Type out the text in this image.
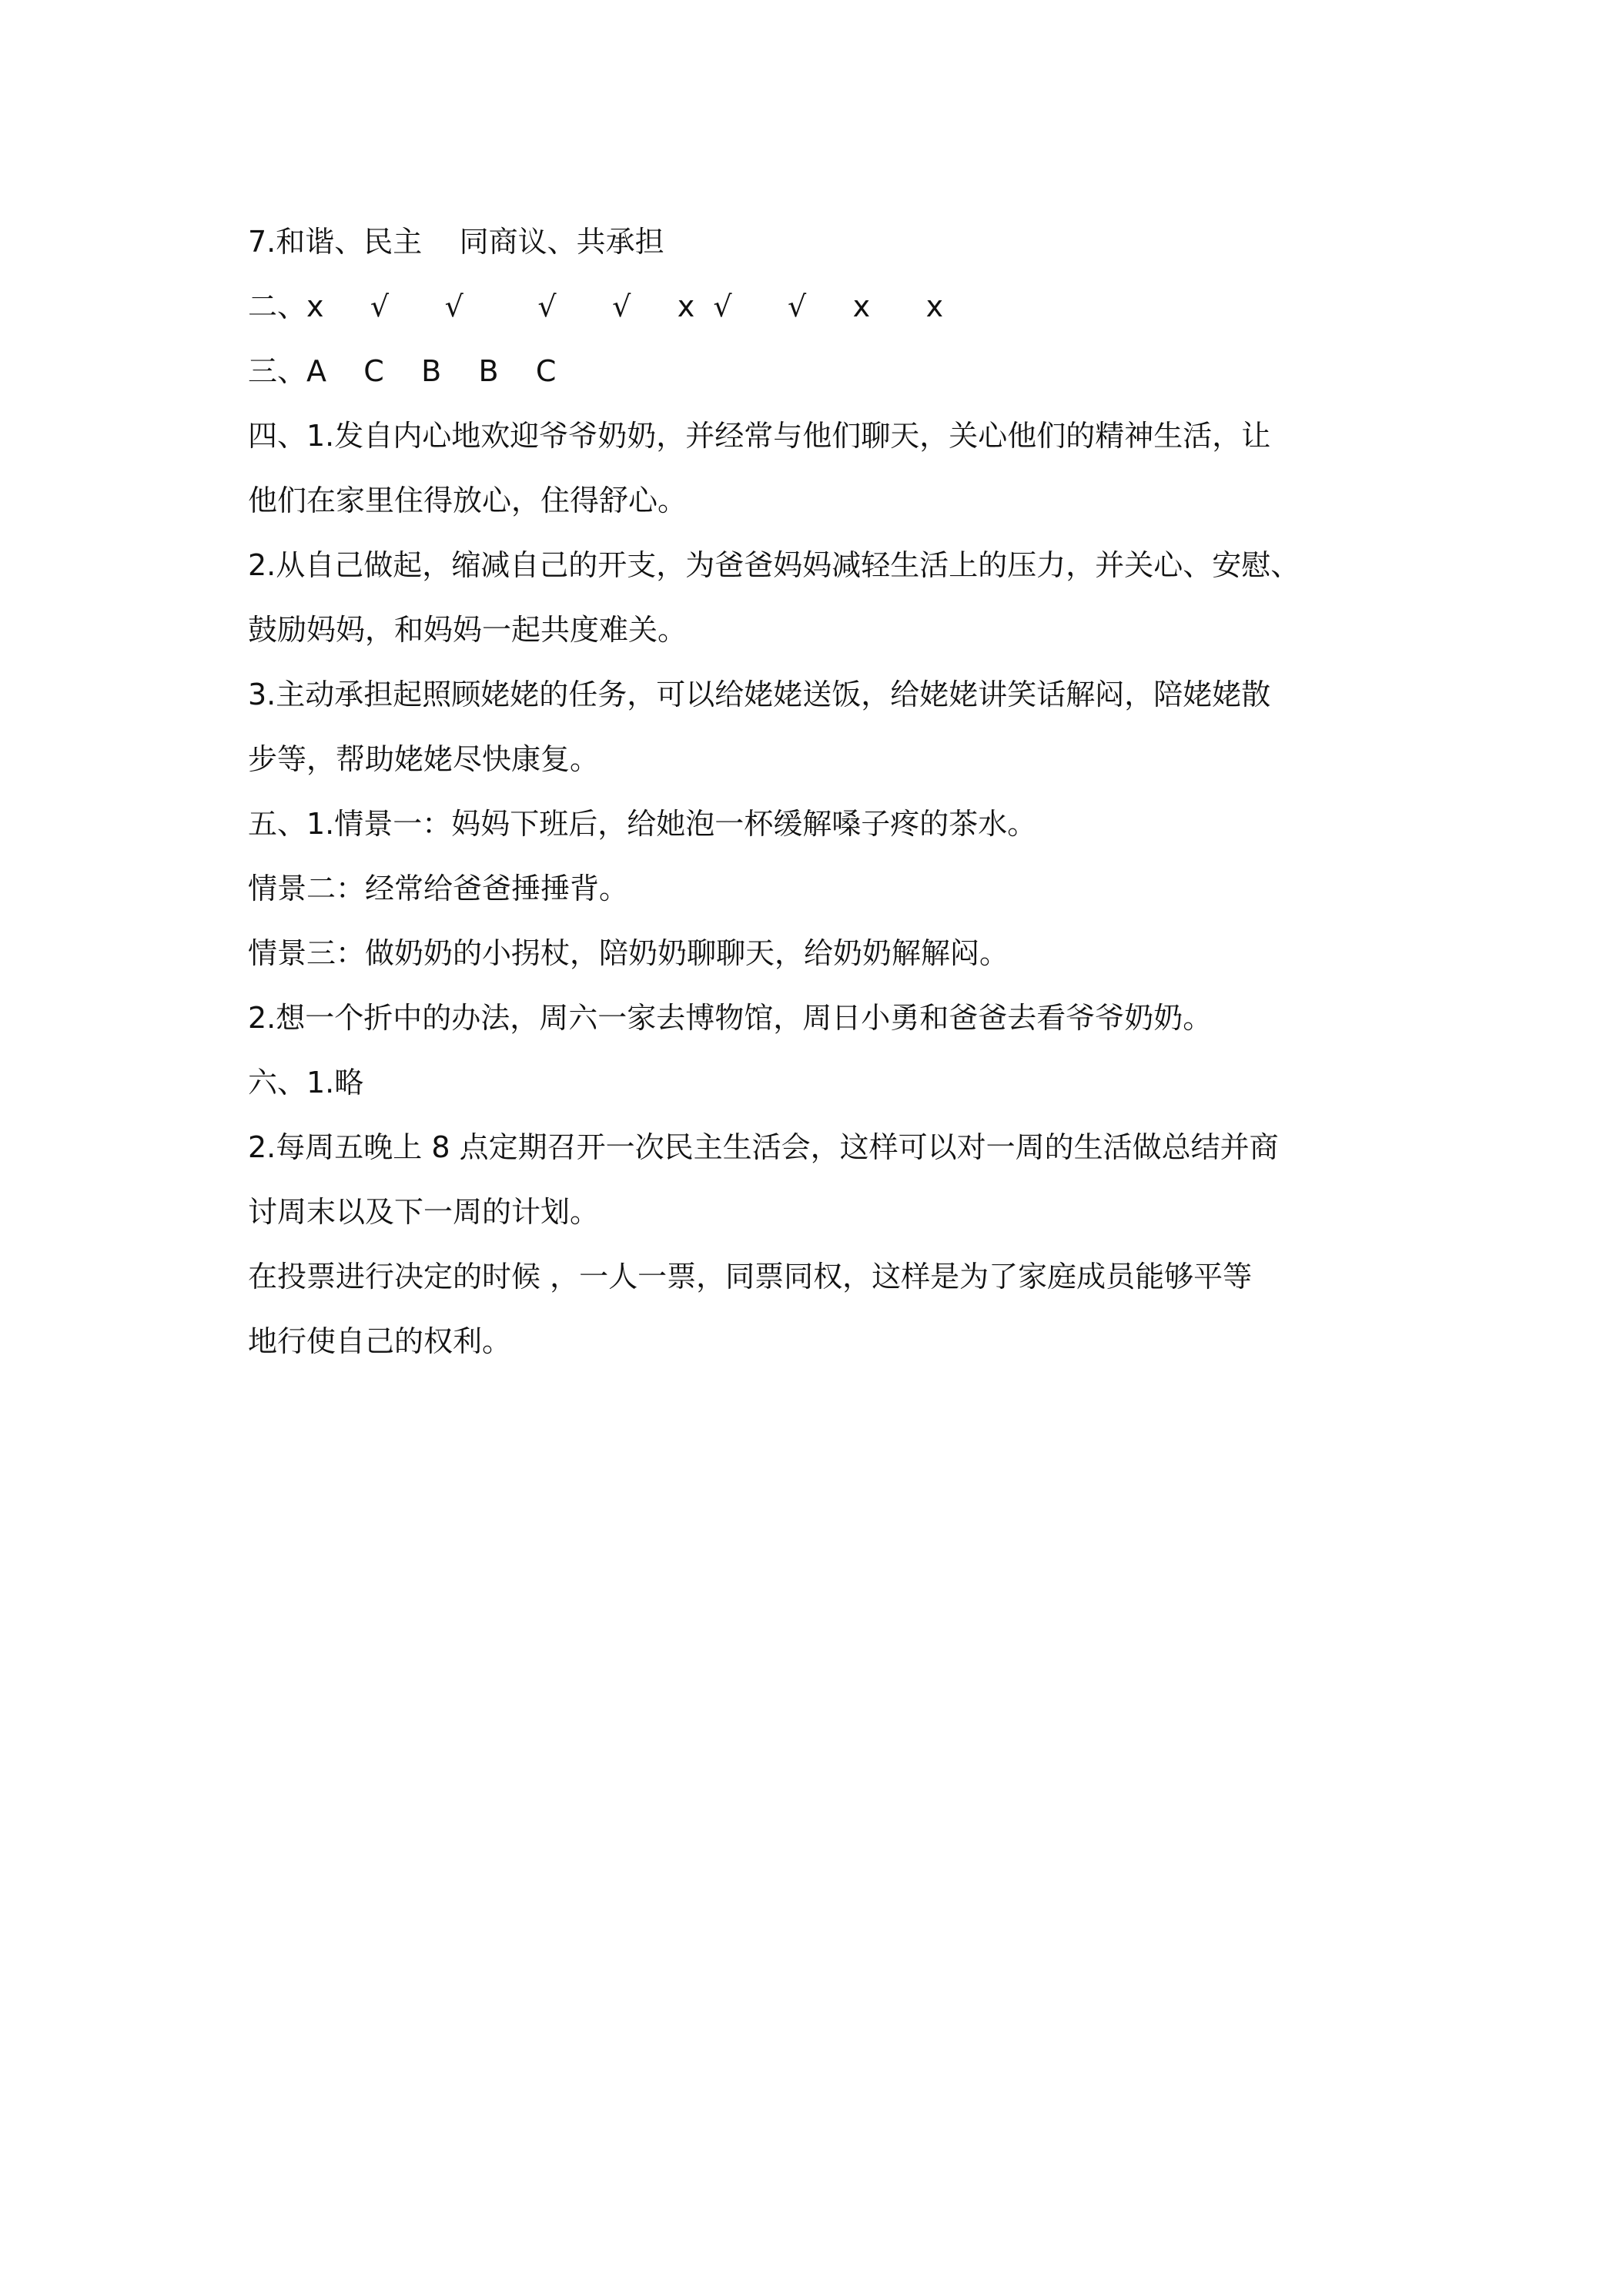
7.和谐、民主    同商议、共承担

二、x     √      √        √      √     x  √      √     x      x

三、A    C    B    B    C

四、1.发自内心地欢迎爷爷奶奶，并经常与他们聊天，关心他们的精神生活，让
他们在家里住得放心，住得舒心。
2.从自己做起，缩减自己的开支，为爸爸妈妈减轻生活上的压力，并关心、安慰、
鼓励妈妈，和妈妈一起共度难关。
3.主动承担起照顾姥姥的任务，可以给姥姥送饭，给姥姥讲笑话解闷，陪姥姥散
步等，帮助姥姥尽快康复。
五、1.情景一：妈妈下班后，给她泡一杯缓解嗓子疼的茶水。
情景二：经常给爸爸捶捶背。
情景三：做奶奶的小拐杖，陪奶奶聊聊天，给奶奶解解闷。
2.想一个折中的办法，周六一家去博物馆，周日小勇和爸爸去看爷爷奶奶。
六、1.略
2.每周五晚上 8 点定期召开一次民主生活会，这样可以对一周的生活做总结并商
讨周末以及下一周的计划。
在投票进行决定的时候 ，一人一票，同票同权，这样是为了家庭成员能够平等
地行使自己的权利。
